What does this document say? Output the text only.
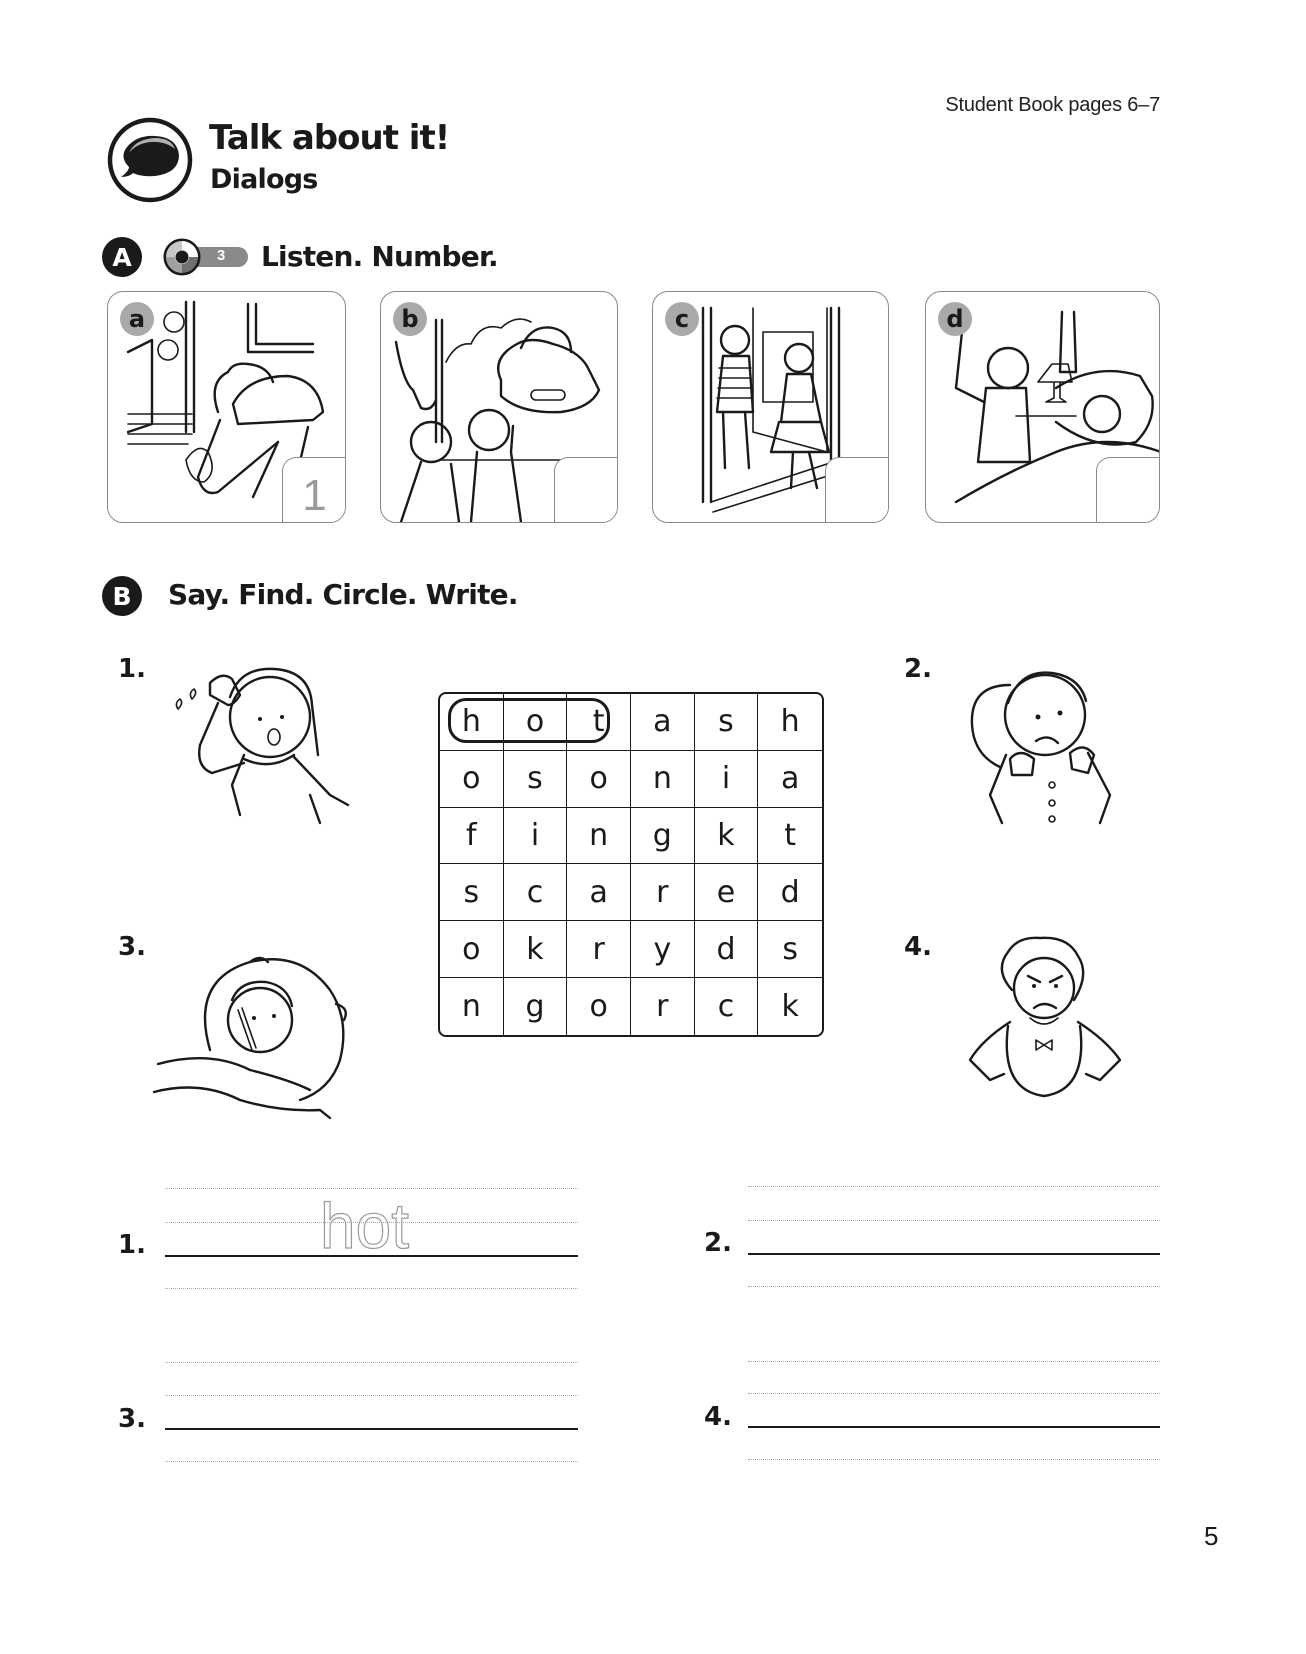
Student Book pages 6–7
Talk about it!
Dialogs
A	3	Listen. Number.
a
1
b	c	d
B	Say. Find. Circle. Write.
1.	2.
3.	4.
h	o	t	a	s	h
o	s	o	n	i	a
f	i	n	g	k	t
s	c	a	r	e	d
o	k	r	y	d	s
n	g	o	r	c	k
1.	hot	2.
3.	4.
5
